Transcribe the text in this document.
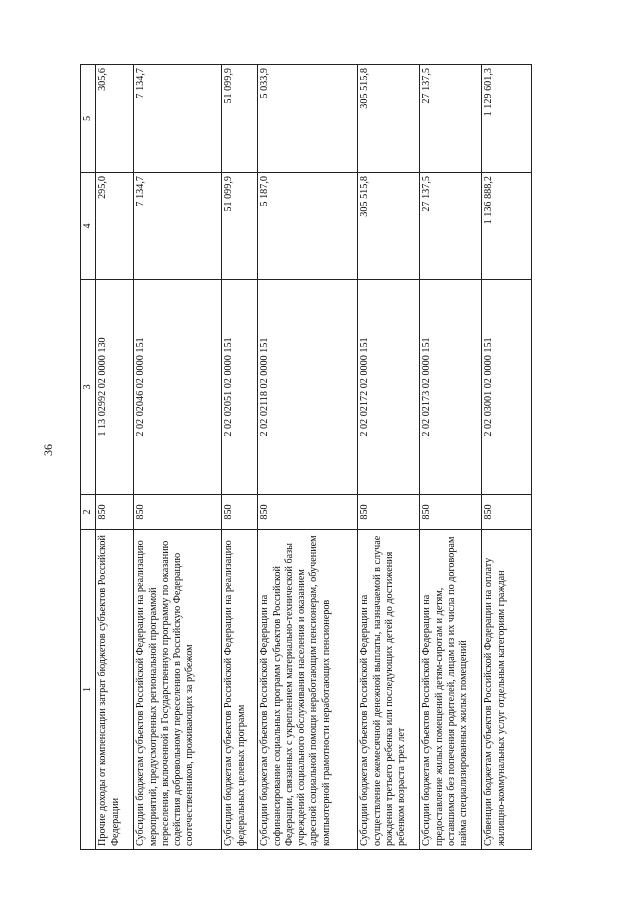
36
1	2	3	4	5
Прочие доходы от компенсации затрат бюджетов субъектов Российской Федерации	850	1 13 02992 02 0000 130	295,0	305,6
Субсидии бюджетам субъектов Российской Федерации на реализацию мероприятий, предусмотренных региональной программой переселения, включенной в Государственную программу по оказанию содействия добровольному переселению в Российскую Федерацию соотечественников, проживающих за рубежом	850	2 02 02046 02 0000 151	7 134,7	7 134,7
Субсидии бюджетам субъектов Российской Федерации на реализацию федеральных целевых программ	850	2 02 02051 02 0000 151	51 099,9	51 099,9
Субсидии бюджетам субъектов Российской Федерации на софинансирование социальных программ субъектов Российской Федерации, связанных с укреплением материально-технической базы учреждений социального обслуживания населения и оказанием адресной социальной помощи неработающим пенсионерам, обучением компьютерной грамотности неработающих пенсионеров	850	2 02 02118 02 0000 151	5 187,0	5 033,9
Субсидии бюджетам субъектов Российской Федерации на осуществление ежемесячной денежной выплаты, назначаемой в случае рождения третьего ребенка или последующих детей до достижения ребенком возраста трех лет	850	2 02 02172 02 0000 151	305 515,8	305 515,8
Субсидии бюджетам субъектов Российской Федерации на предоставление жилых помещений детям-сиротам и детям, оставшимся без попечения родителей, лицам из их числа по договорам найма специализированных жилых помещений	850	2 02 02173 02 0000 151	27 137,5	27 137,5
Субвенции бюджетам субъектов Российской Федерации на оплату жилищно-коммунальных услуг отдельным категориям граждан	850	2 02 03001 02 0000 151	1 136 888,2	1 129 601,3
